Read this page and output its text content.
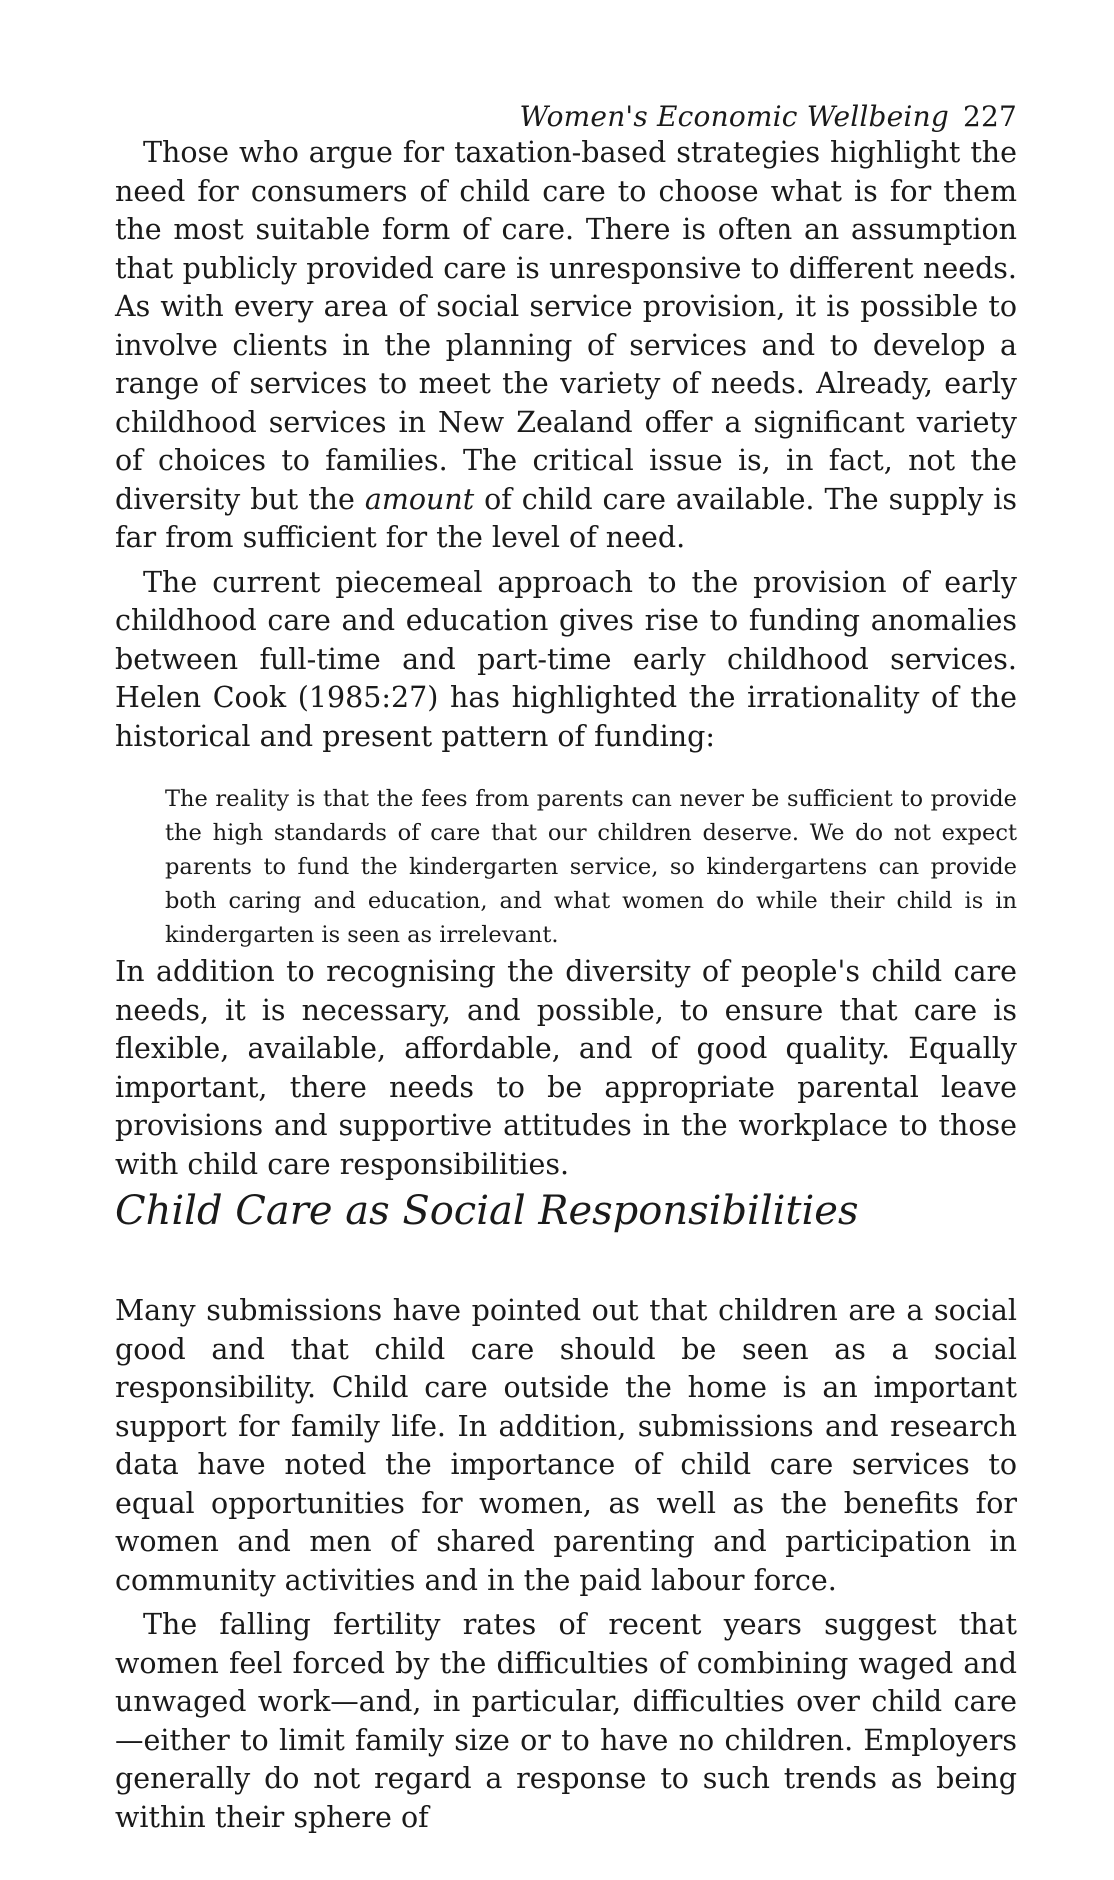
Women's Economic Wellbeing 227

Those who argue for taxation-based strategies highlight the need for consumers of child care to choose what is for them the most suitable form of care. There is often an assumption that publicly provided care is unresponsive to different needs. As with every area of social service provision, it is possible to involve clients in the planning of services and to develop a range of services to meet the variety of needs. Already, early childhood services in New Zealand offer a significant variety of choices to families. The critical issue is, in fact, not the diversity but the amount of child care available. The supply is far from sufficient for the level of need.

The current piecemeal approach to the provision of early childhood care and education gives rise to funding anomalies between full-time and part-time early childhood services. Helen Cook (1985:27) has highlighted the irrationality of the historical and present pattern of funding:

The reality is that the fees from parents can never be sufficient to provide the high standards of care that our children deserve. We do not expect parents to fund the kindergarten service, so kindergartens can provide both caring and education, and what women do while their child is in kindergarten is seen as irrelevant.

In addition to recognising the diversity of people's child care needs, it is necessary, and possible, to ensure that care is flexible, available, affordable, and of good quality. Equally important, there needs to be appropriate parental leave provisions and supportive attitudes in the workplace to those with child care responsibilities.

Child Care as Social Responsibilities

Many submissions have pointed out that children are a social good and that child care should be seen as a social responsibility. Child care outside the home is an important support for family life. In addition, submissions and research data have noted the importance of child care services to equal opportunities for women, as well as the benefits for women and men of shared parenting and participation in community activities and in the paid labour force.

The falling fertility rates of recent years suggest that women feel forced by the difficulties of combining waged and unwaged work—and, in particular, difficulties over child care—either to limit family size or to have no children. Employers generally do not regard a response to such trends as being within their sphere of
